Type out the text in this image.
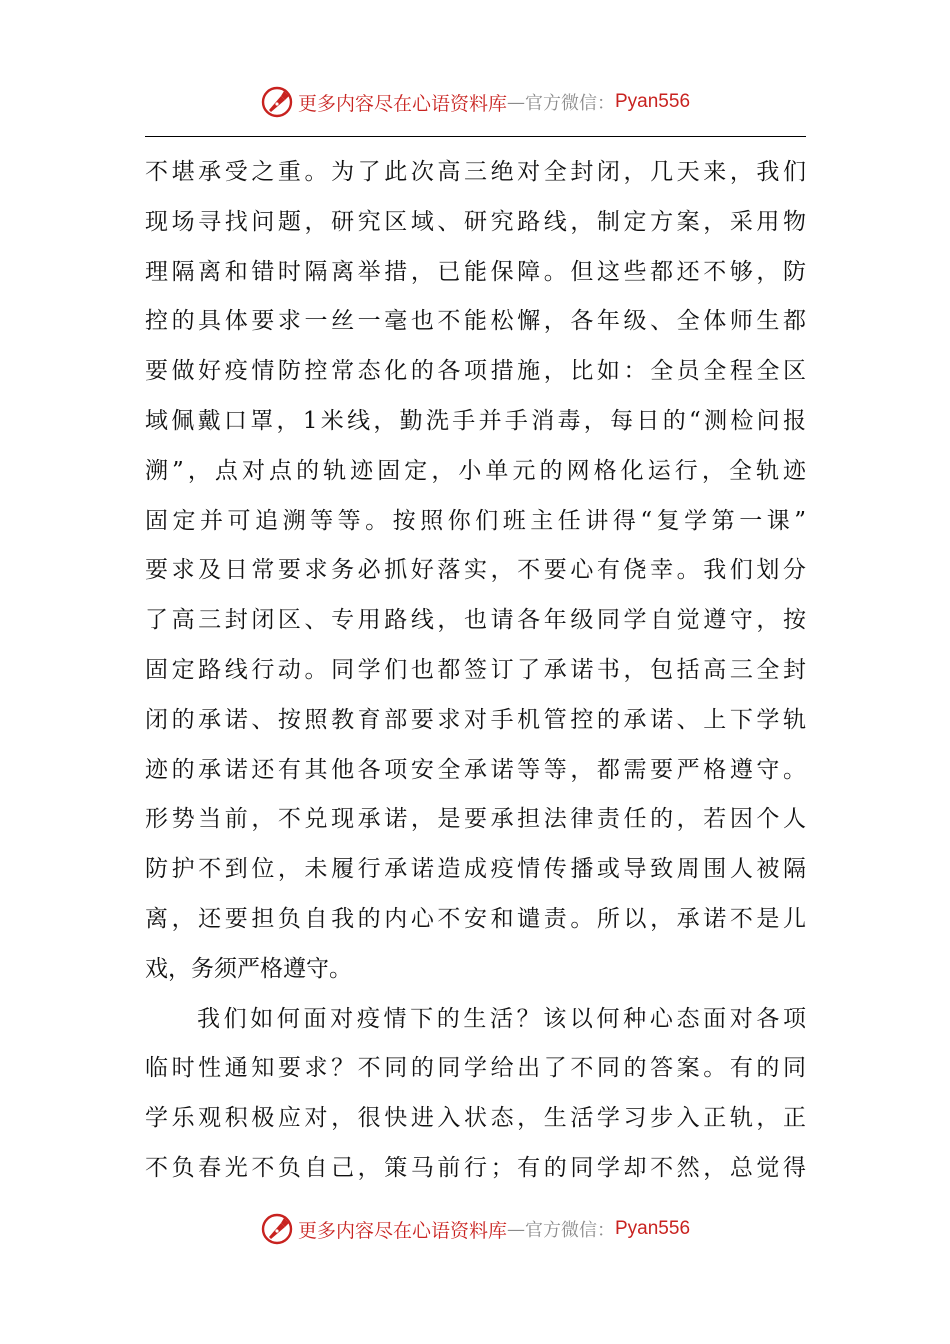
更多内容尽在心语资料库 — 官方微信： Pyan556
不堪承受之重。为了此次高三绝对全封闭，几天来，我们
现场寻找问题，研究区域、研究路线，制定方案，采用物
理隔离和错时隔离举措，已能保障。但这些都还不够，防
控的具体要求一丝一毫也不能松懈，各年级、全体师生都
要做好疫情防控常态化的各项措施，比如：全员全程全区
域佩戴口罩，1米线，勤洗手并手消毒，每日的“测检问报
溯”，点对点的轨迹固定，小单元的网格化运行，全轨迹
固定并可追溯等等。按照你们班主任讲得“复学第一课”
要求及日常要求务必抓好落实，不要心有侥幸。我们划分
了高三封闭区、专用路线，也请各年级同学自觉遵守，按
固定路线行动。同学们也都签订了承诺书，包括高三全封
闭的承诺、按照教育部要求对手机管控的承诺、上下学轨
迹的承诺还有其他各项安全承诺等等，都需要严格遵守。
形势当前，不兑现承诺，是要承担法律责任的，若因个人
防护不到位，未履行承诺造成疫情传播或导致周围人被隔
离，还要担负自我的内心不安和谴责。所以，承诺不是儿
戏，务须严格遵守。
我们如何面对疫情下的生活？该以何种心态面对各项
临时性通知要求？不同的同学给出了不同的答案。有的同
学乐观积极应对，很快进入状态，生活学习步入正轨，正
不负春光不负自己，策马前行；有的同学却不然，总觉得
更多内容尽在心语资料库 — 官方微信： Pyan556
